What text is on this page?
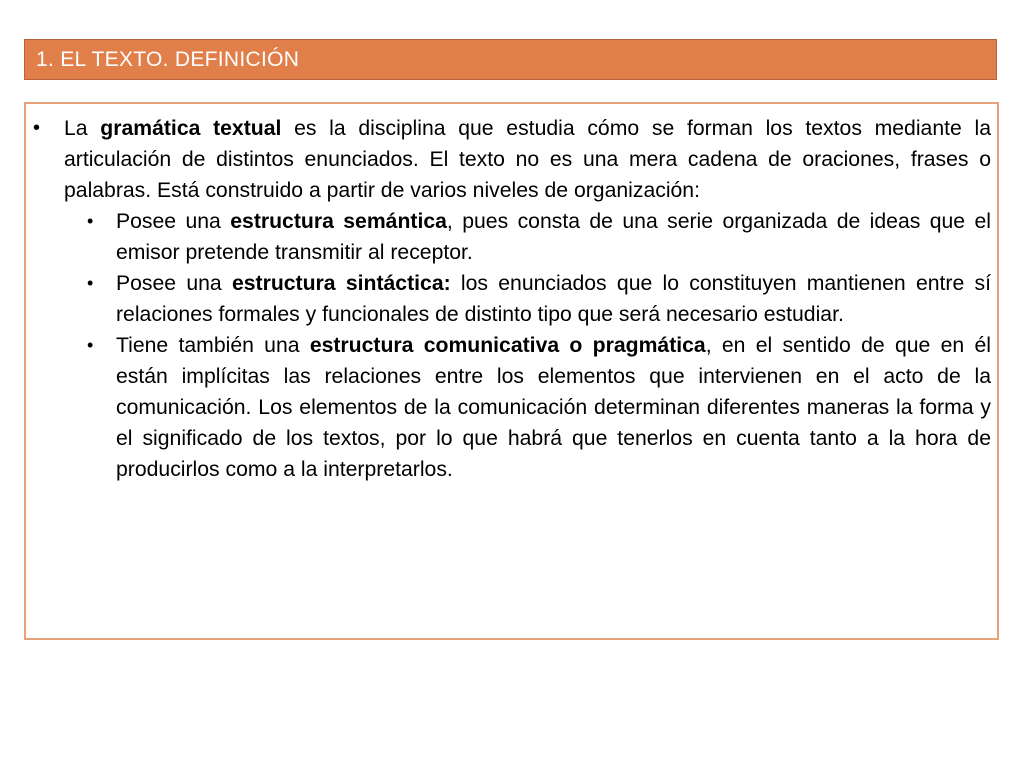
1. EL TEXTO. DEFINICIÓN
• La gramática textual es la disciplina que estudia cómo se forman los textos mediante la articulación de distintos enunciados. El texto no es una mera cadena de oraciones, frases o palabras. Está construido a partir de varios niveles de organización:

• Posee una estructura semántica, pues consta de una serie organizada de ideas que el emisor pretende transmitir al receptor.

• Posee una estructura sintáctica: los enunciados que lo constituyen mantienen entre sí relaciones formales y funcionales de distinto tipo que será necesario estudiar.

• Tiene también una estructura comunicativa o pragmática, en el sentido de que en él están implícitas las relaciones entre los elementos que intervienen en el acto de la comunicación. Los elementos de la comunicación determinan diferentes maneras la forma y el significado de los textos, por lo que habrá que tenerlos en cuenta tanto a la hora de producirlos como a la interpretarlos.
